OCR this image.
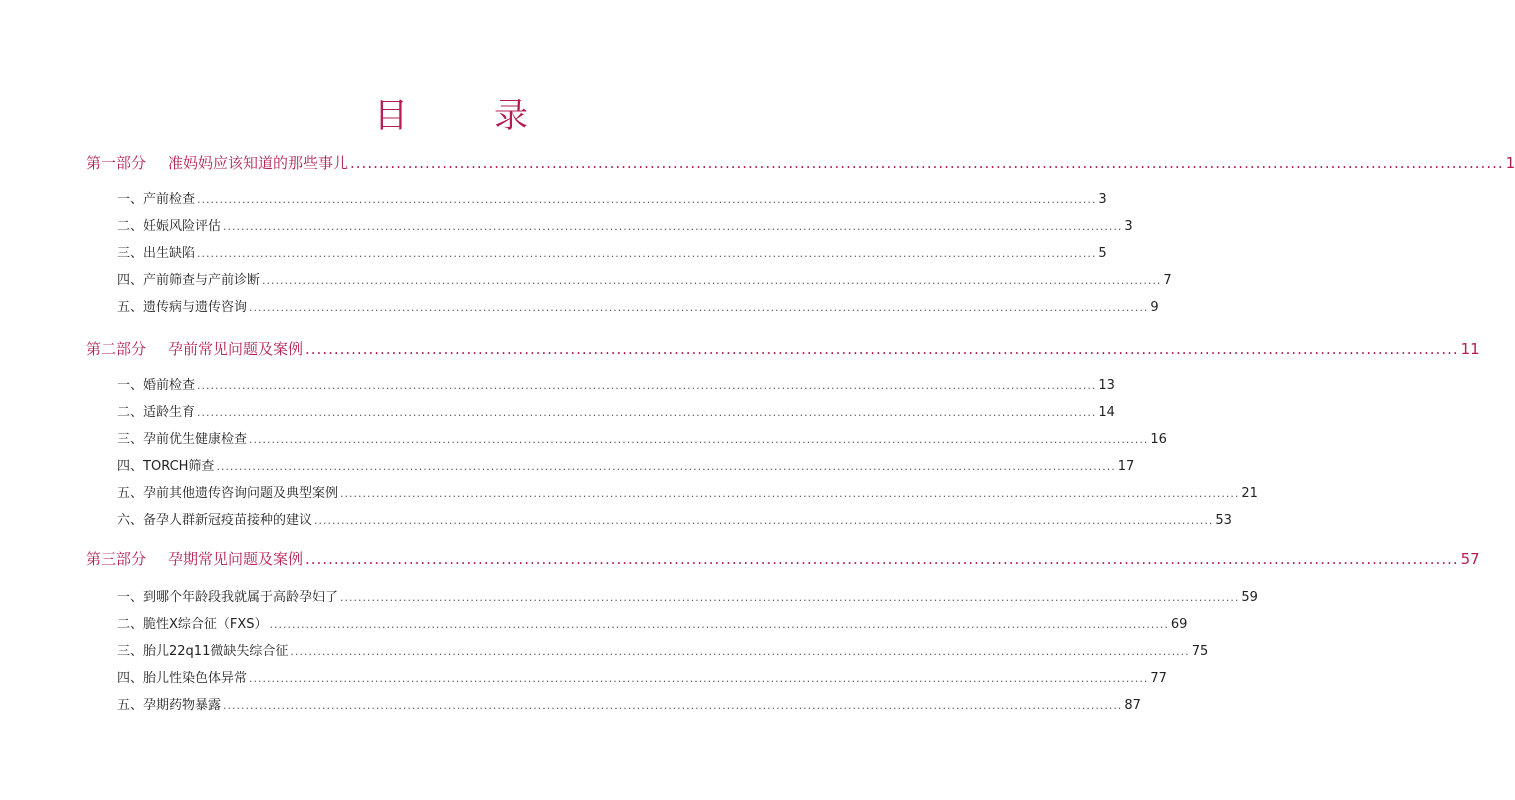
目　录
第一部分	准妈妈应该知道的那些事儿 ........................................................................................................................................................................................................ 1
一、 产前检查 ........................................................................................................................................................................................................ 3
二、 妊娠风险评估 ........................................................................................................................................................................................................ 3
三、 出生缺陷 ........................................................................................................................................................................................................ 5
四、 产前筛查与产前诊断 ........................................................................................................................................................................................................ 7
五、 遗传病与遗传咨询 ........................................................................................................................................................................................................ 9
第二部分	孕前常见问题及案例 ........................................................................................................................................................................................................ 11
一、 婚前检查 ........................................................................................................................................................................................................ 13
二、 适龄生育 ........................................................................................................................................................................................................ 14
三、 孕前优生健康检查 ........................................................................................................................................................................................................ 16
四、 TORCH筛查 ........................................................................................................................................................................................................ 17
五、 孕前其他遗传咨询问题及典型案例 ........................................................................................................................................................................................................ 21
六、 备孕人群新冠疫苗接种的建议 ........................................................................................................................................................................................................ 53
第三部分	孕期常见问题及案例 ........................................................................................................................................................................................................ 57
一、 到哪个年龄段我就属于高龄孕妇了 ........................................................................................................................................................................................................ 59
二、 脆性X综合征（FXS） ........................................................................................................................................................................................................ 69
三、 胎儿22q11微缺失综合征 ........................................................................................................................................................................................................ 75
四、 胎儿性染色体异常 ........................................................................................................................................................................................................ 77
五、 孕期药物暴露 ........................................................................................................................................................................................................ 87
